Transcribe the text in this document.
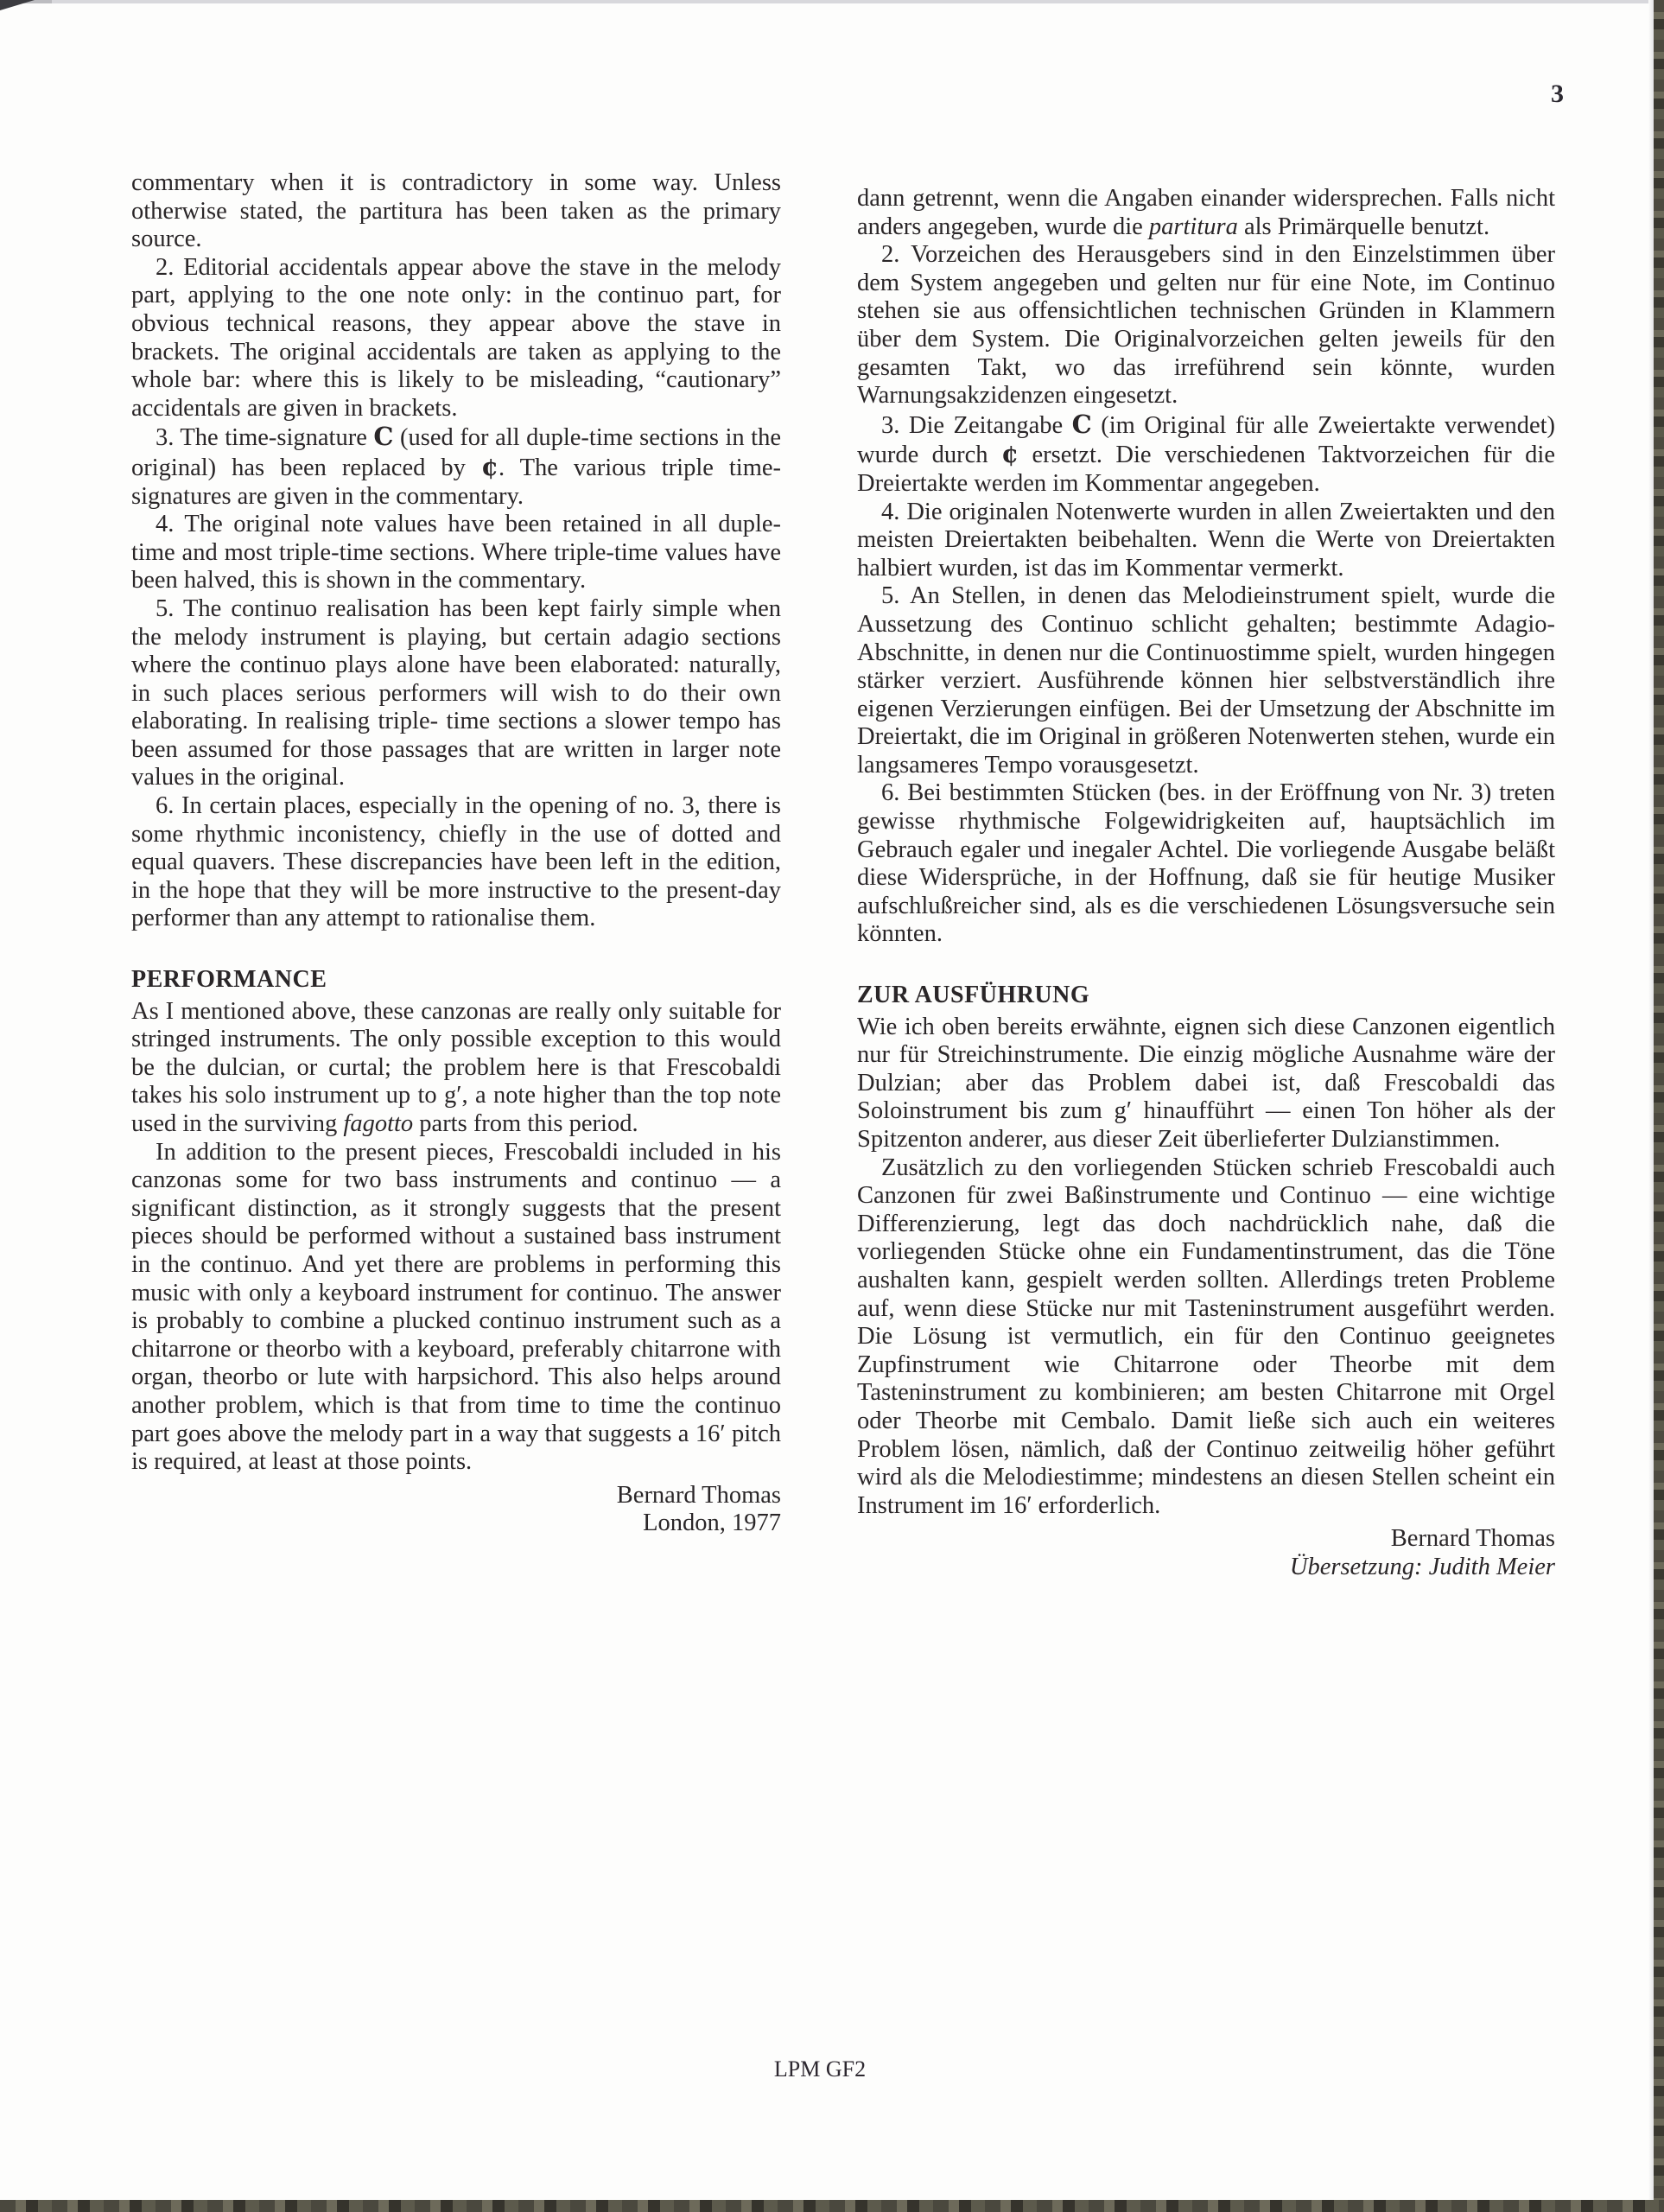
3

commentary when it is contradictory in some way. Unless otherwise stated, the partitura has been taken as the primary source.

2. Editorial accidentals appear above the stave in the melody part, applying to the one note only: in the continuo part, for obvious technical reasons, they appear above the stave in brackets. The original accidentals are taken as applying to the whole bar: where this is likely to be misleading, “cautionary” accidentals are given in brackets.

3. The time-signature C (used for all duple-time sections in the original) has been replaced by ¢. The various triple time-signatures are given in the commentary.

4. The original note values have been retained in all duple- time and most triple-time sections. Where triple-time values have been halved, this is shown in the commentary.

5. The continuo realisation has been kept fairly simple when the melody instrument is playing, but certain adagio sections where the continuo plays alone have been elaborated: naturally, in such places serious performers will wish to do their own elaborating. In realising triple- time sections a slower tempo has been assumed for those passages that are written in larger note values in the original.

6. In certain places, especially in the opening of no. 3, there is some rhythmic inconistency, chiefly in the use of dotted and equal quavers. These discrepancies have been left in the edition, in the hope that they will be more instructive to the present-day performer than any attempt to rationalise them.

PERFORMANCE

As I mentioned above, these canzonas are really only suitable for stringed instruments. The only possible exception to this would be the dulcian, or curtal; the problem here is that Frescobaldi takes his solo instrument up to g′, a note higher than the top note used in the surviving fagotto parts from this period.

In addition to the present pieces, Frescobaldi included in his canzonas some for two bass instruments and continuo — a significant distinction, as it strongly suggests that the present pieces should be performed without a sustained bass instrument in the continuo. And yet there are problems in performing this music with only a keyboard instrument for continuo. The answer is probably to combine a plucked continuo instrument such as a chitarrone or theorbo with a keyboard, preferably chitarrone with organ, theorbo or lute with harpsichord. This also helps around another problem, which is that from time to time the continuo part goes above the melody part in a way that suggests a 16′ pitch is required, at least at those points.

Bernard Thomas
London, 1977

dann getrennt, wenn die Angaben einander widersprechen. Falls nicht anders angegeben, wurde die partitura als Primärquelle benutzt.

2. Vorzeichen des Herausgebers sind in den Einzelstimmen über dem System angegeben und gelten nur für eine Note, im Continuo stehen sie aus offensichtlichen technischen Gründen in Klammern über dem System. Die Originalvorzeichen gelten jeweils für den gesamten Takt, wo das irreführend sein könnte, wurden Warnungsakzidenzen eingesetzt.

3. Die Zeitangabe C (im Original für alle Zweiertakte verwendet) wurde durch ¢ ersetzt. Die verschiedenen Taktvorzeichen für die Dreiertakte werden im Kommentar angegeben.

4. Die originalen Notenwerte wurden in allen Zweiertakten und den meisten Dreiertakten beibehalten. Wenn die Werte von Dreiertakten halbiert wurden, ist das im Kommentar vermerkt.

5. An Stellen, in denen das Melodieinstrument spielt, wurde die Aussetzung des Continuo schlicht gehalten; bestimmte Adagio- Abschnitte, in denen nur die Continuostimme spielt, wurden hingegen stärker verziert. Ausführende können hier selbstverständlich ihre eigenen Verzierungen einfügen. Bei der Umsetzung der Abschnitte im Dreiertakt, die im Original in größeren Notenwerten stehen, wurde ein langsameres Tempo vorausgesetzt.

6. Bei bestimmten Stücken (bes. in der Eröffnung von Nr. 3) treten gewisse rhythmische Folgewidrigkeiten auf, hauptsächlich im Gebrauch egaler und inegaler Achtel. Die vorliegende Ausgabe beläßt diese Widersprüche, in der Hoffnung, daß sie für heutige Musiker aufschlußreicher sind, als es die verschiedenen Lösungsversuche sein könnten.

ZUR AUSFÜHRUNG

Wie ich oben bereits erwähnte, eignen sich diese Canzonen eigentlich nur für Streichinstrumente. Die einzig mögliche Ausnahme wäre der Dulzian; aber das Problem dabei ist, daß Frescobaldi das Soloinstrument bis zum g′ hinaufführt — einen Ton höher als der Spitzenton anderer, aus dieser Zeit überlieferter Dulzianstimmen.

Zusätzlich zu den vorliegenden Stücken schrieb Frescobaldi auch Canzonen für zwei Baßinstrumente und Continuo — eine wichtige Differenzierung, legt das doch nachdrücklich nahe, daß die vorliegenden Stücke ohne ein Fundamentinstrument, das die Töne aushalten kann, gespielt werden sollten. Allerdings treten Probleme auf, wenn diese Stücke nur mit Tasteninstrument ausgeführt werden. Die Lösung ist vermutlich, ein für den Continuo geeignetes Zupfinstrument wie Chitarrone oder Theorbe mit dem Tasteninstrument zu kombinieren; am besten Chitarrone mit Orgel oder Theorbe mit Cembalo. Damit ließe sich auch ein weiteres Problem lösen, nämlich, daß der Continuo zeitweilig höher geführt wird als die Melodiestimme; mindestens an diesen Stellen scheint ein Instrument im 16′ erforderlich.

Bernard Thomas
Übersetzung: Judith Meier
LPM GF2
